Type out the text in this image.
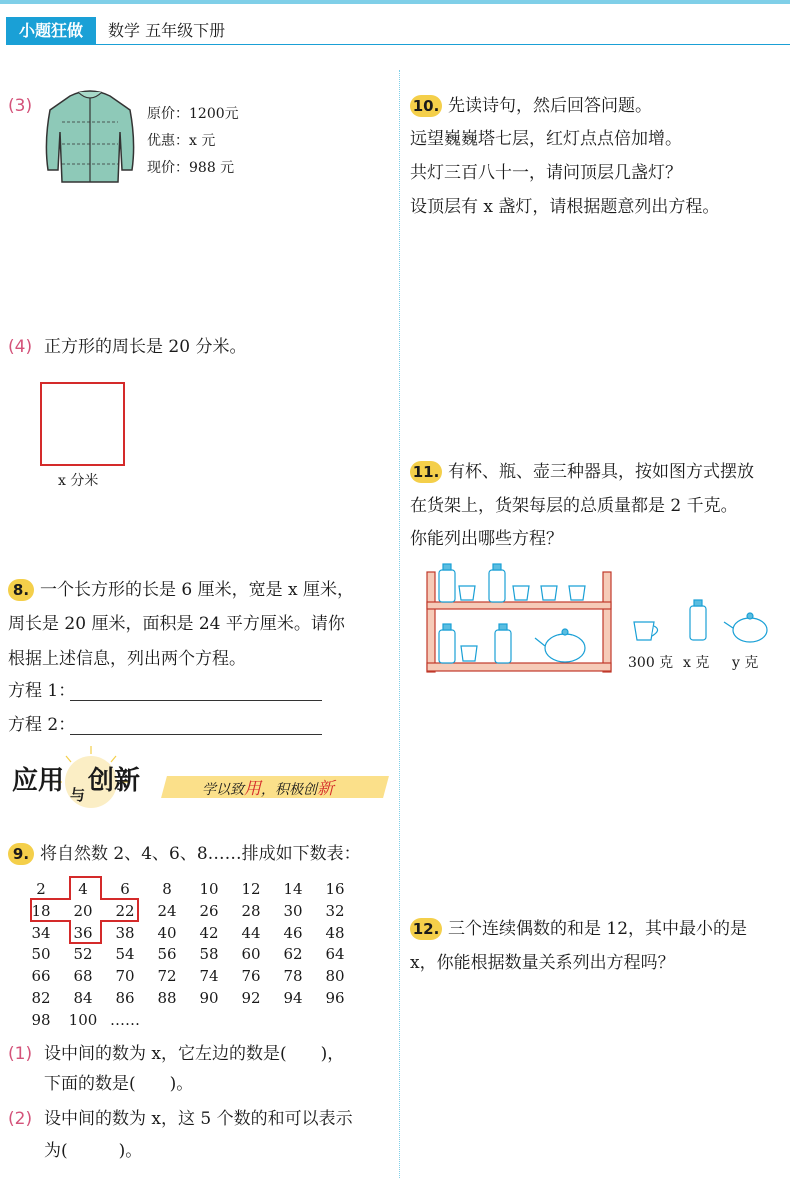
小题狂做	数学 五年级下册
(3)	原价：1200元
优惠：x 元
现价：988 元
(4) 正方形的周长是 20 分米。
x 分米
8. 一个长方形的长是 6 厘米，宽是 x 厘米，
周长是 20 厘米，面积是 24 平方厘米。请你
根据上述信息，列出两个方程。
方程 1：
方程 2：
应用 与 创新	学以致用，积极创新
9. 将自然数 2、4、6、8……排成如下数表：
2	4	6	8	10	12	14	16
18	20	22	24	26	28	30	32
34	36	38	40	42	44	46	48
50	52	54	56	58	60	62	64
66	68	70	72	74	76	78	80
82	84	86	88	90	92	94	96
98	100 ……
(1) 设中间的数为 x，它左边的数是(　　)，
下面的数是(　　)。
(2) 设中间的数为 x，这 5 个数的和可以表示
为(　　　)。
10. 先读诗句，然后回答问题。
远望巍巍塔七层，红灯点点倍加增。
共灯三百八十一，请问顶层几盏灯？
设顶层有 x 盏灯，请根据题意列出方程。
11. 有杯、瓶、壶三种器具，按如图方式摆放
在货架上，货架每层的总质量都是 2 千克。
你能列出哪些方程？
300 克 x 克 y 克
12. 三个连续偶数的和是 12，其中最小的是
x，你能根据数量关系列出方程吗？
